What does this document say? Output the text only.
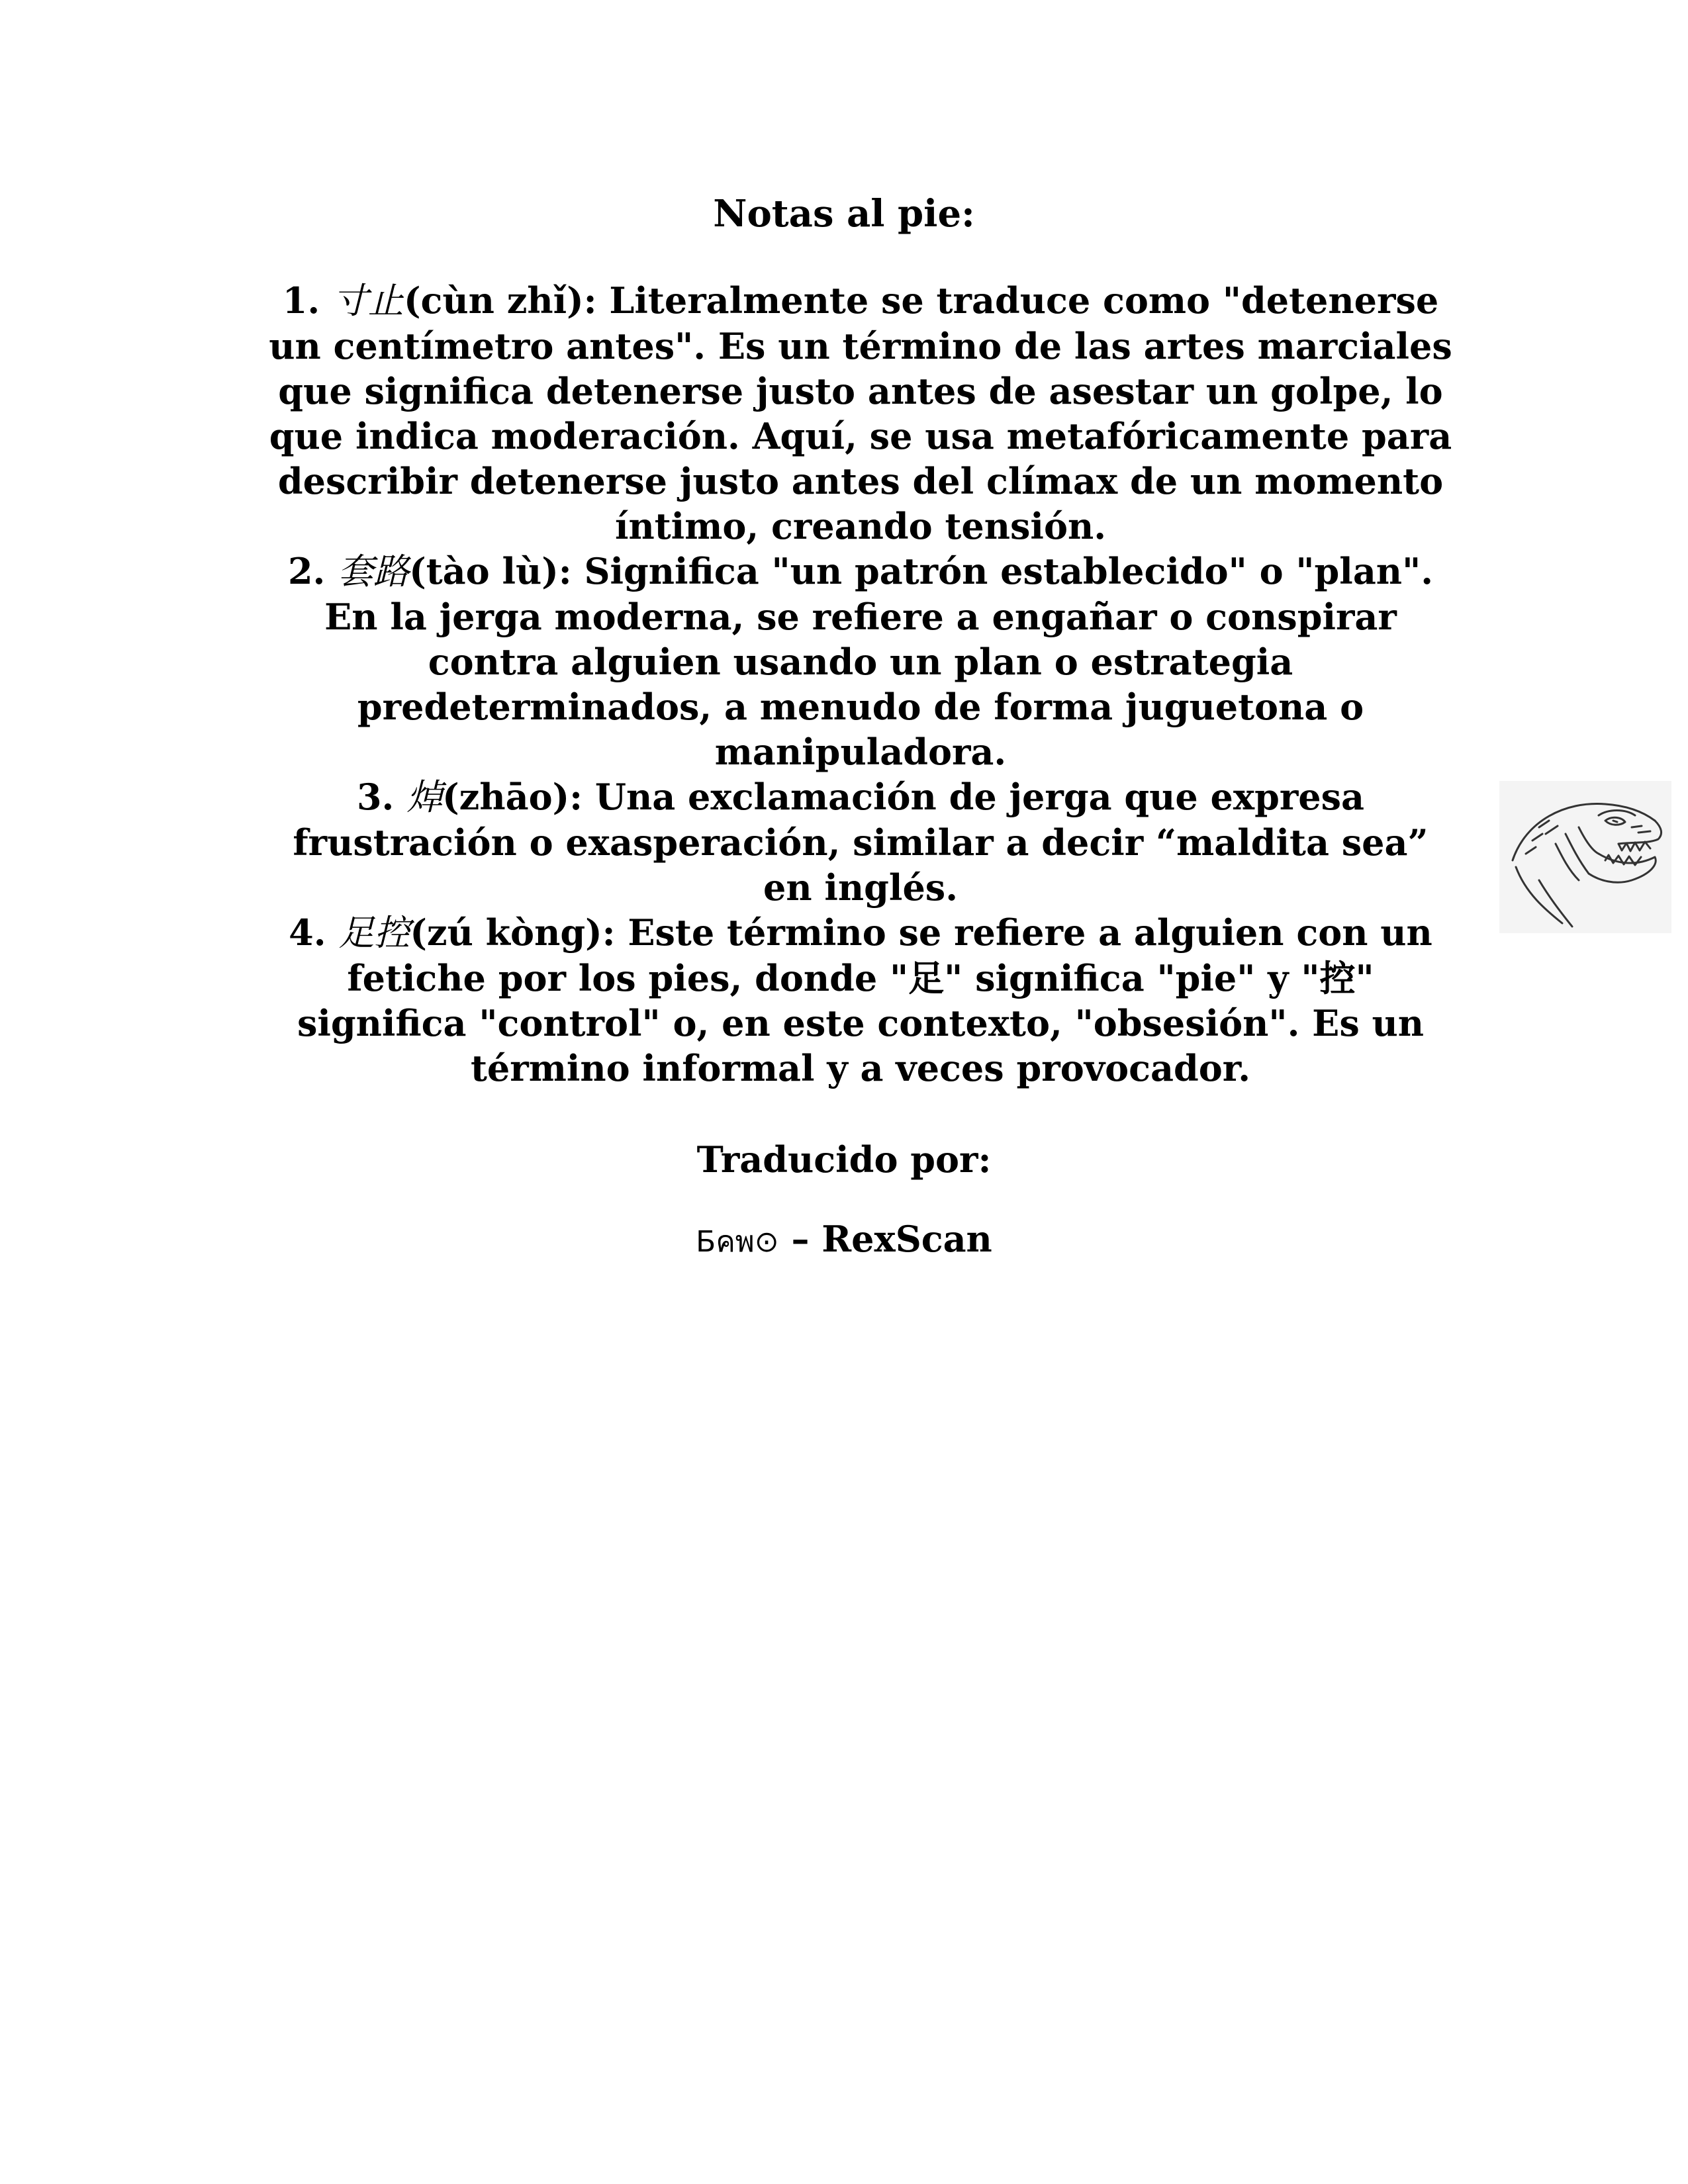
Notas al pie:

1. 寸止(cùn zhǐ): Literalmente se traduce como "detenerse un centímetro antes". Es un término de las artes marciales que significa detenerse justo antes de asestar un golpe, lo que indica moderación. Aquí, se usa metafóricamente para describir detenerse justo antes del clímax de un momento íntimo, creando tensión.

2. 套路(tào lù): Significa "un patrón establecido" o "plan". En la jerga moderna, se refiere a engañar o conspirar contra alguien usando un plan o estrategia predeterminados, a menudo de forma juguetona o manipuladora.

3. 焯(zhāo): Una exclamación de jerga que expresa frustración o exasperación, similar a decir “maldita sea” en inglés.

4. 足控(zú kòng): Este término se refiere a alguien con un fetiche por los pies, donde "足" significa "pie" y "控" significa "control" o, en este contexto, "obsesión". Es un término informal y a veces provocador.

Traducido por:
Ƃคพ⊙ – RexScan
